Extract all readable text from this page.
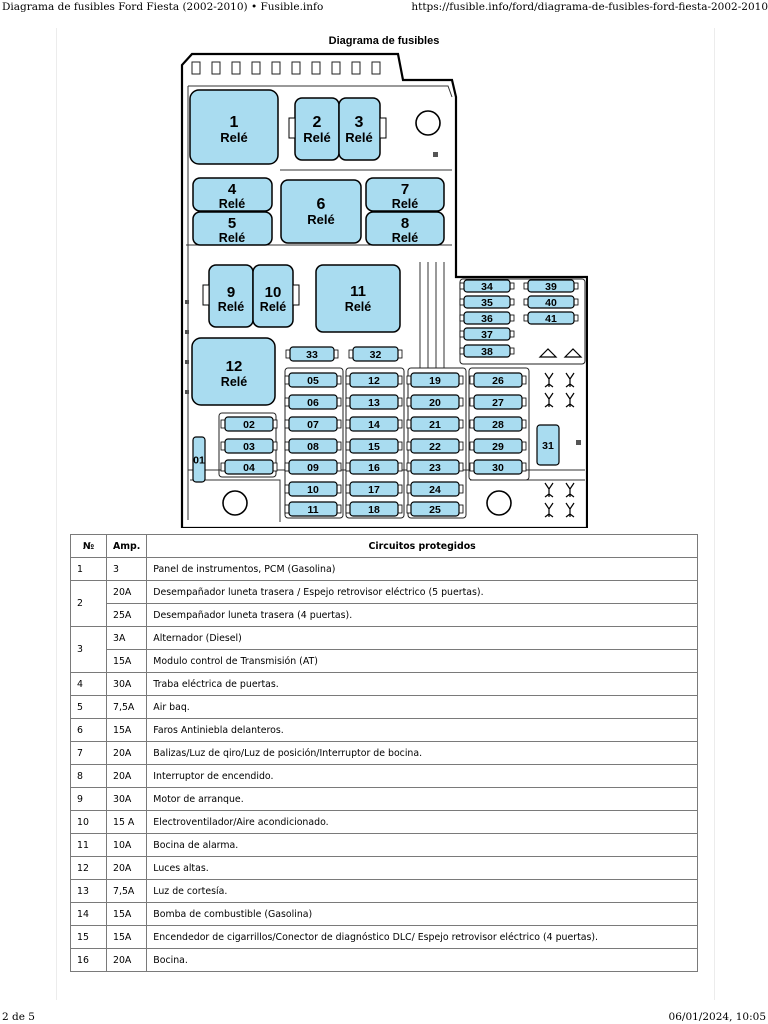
Diagrama de fusibles Ford Fiesta (2002-2010) • Fusible.info	https://fusible.info/ford/diagrama-de-fusibles-ford-fiesta-2002-2010
Diagrama de fusibles
1
Relé
2
Relé
3
Relé
4
Relé
5
Relé
6
Relé
7
Relé
8
Relé
9
Relé
10
Relé
11
Relé
12
Relé
01
02
03
04
05
06
07
08
09
10
11
12
13
14
15
16
17
18
19
20
21
22
23
24
25
26
27
28
29
30
31
32
33
34
35
36
37
38
39
40
41
№	Amp.	Circuitos protegidos
1	3	Panel de instrumentos, PCM (Gasolina)
2	20A	Desempañador luneta trasera / Espejo retrovisor eléctrico (5 puertas).
	25A	Desempañador luneta trasera (4 puertas).
3	3A	Alternador (Diesel)
	15A	Modulo control de Transmisión (AT)
4	30A	Traba eléctrica de puertas.
5	7,5A	Air baq.
6	15A	Faros Antiniebla delanteros.
7	20A	Balizas/Luz de qiro/Luz de posición/Interruptor de bocina.
8	20A	Interruptor de encendido.
9	30A	Motor de arranque.
10	15 A	Electroventilador/Aire acondicionado.
11	10A	Bocina de alarma.
12	20A	Luces altas.
13	7,5A	Luz de cortesía.
14	15A	Bomba de combustible (Gasolina)
15	15A	Encendedor de cigarrillos/Conector de diagnóstico DLC/ Espejo retrovisor eléctrico (4 puertas).
16	20A	Bocina.
2 de 5	06/01/2024, 10:05
